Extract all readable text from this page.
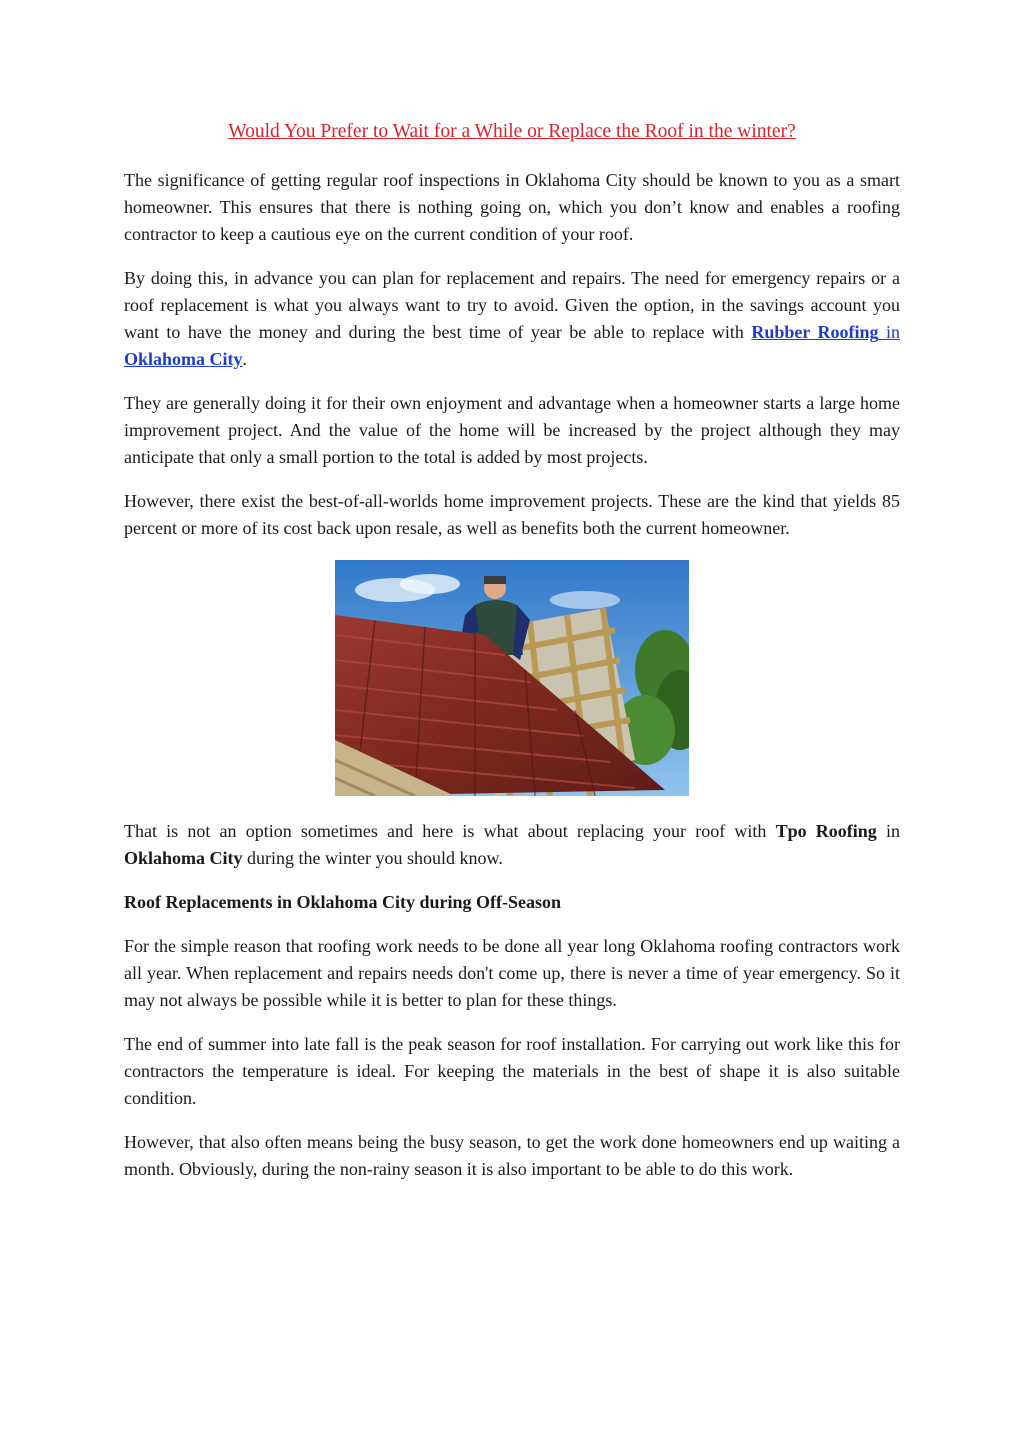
Would You Prefer to Wait for a While or Replace the Roof in the winter?

The significance of getting regular roof inspections in Oklahoma City should be known to you as a smart homeowner. This ensures that there is nothing going on, which you don’t know and enables a roofing contractor to keep a cautious eye on the current condition of your roof.

By doing this, in advance you can plan for replacement and repairs. The need for emergency repairs or a roof replacement is what you always want to try to avoid. Given the option, in the savings account you want to have the money and during the best time of year be able to replace with Rubber Roofing in Oklahoma City.

They are generally doing it for their own enjoyment and advantage when a homeowner starts a large home improvement project. And the value of the home will be increased by the project although they may anticipate that only a small portion to the total is added by most projects.

However, there exist the best-of-all-worlds home improvement projects. These are the kind that yields 85 percent or more of its cost back upon resale, as well as benefits both the current homeowner.

That is not an option sometimes and here is what about replacing your roof with Tpo Roofing in Oklahoma City during the winter you should know.

Roof Replacements in Oklahoma City during Off-Season

For the simple reason that roofing work needs to be done all year long Oklahoma roofing contractors work all year. When replacement and repairs needs don't come up, there is never a time of year emergency. So it may not always be possible while it is better to plan for these things.

The end of summer into late fall is the peak season for roof installation. For carrying out work like this for contractors the temperature is ideal. For keeping the materials in the best of shape it is also suitable condition.

However, that also often means being the busy season, to get the work done homeowners end up waiting a month. Obviously, during the non-rainy season it is also important to be able to do this work.
